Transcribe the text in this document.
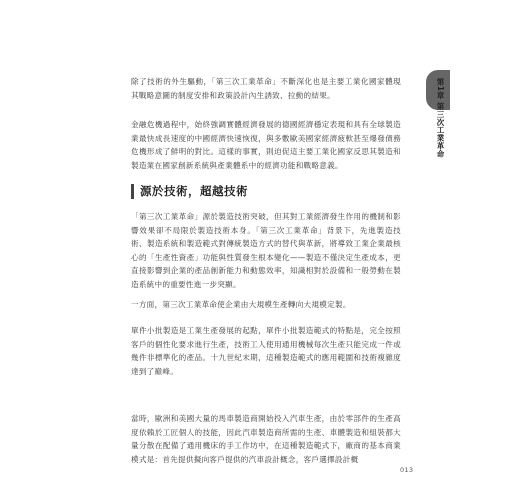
除了技術的外生驅動，「第三次工業革命」不斷深化也是主要工業化國家體現其戰略意圖的制度安排和政策設計內生誘致、拉動的結果。

金融危機過程中，始終強調實體經濟發展的德國經濟穩定表現和具有全球製造業最快成長速度的中國經濟快速恢復，與多數歐美國家經濟疲軟甚至爆發債務危機形成了鮮明的對比。這樣的事實，則迫促這主要工業化國家反思其製造和製造業在國家創新系統與產業體系中的經濟功能和戰略意義。

源於技術，超越技術

「第三次工業革命」源於製造技術突破，但其對工業經濟發生作用的機制和影響效果卻不局限於製造技術本身。「第三次工業革命」背景下，先進製造技術、製造系統和製造範式對傳統製造方式的替代與革新，將導致工業企業最核心的「生產性資產」功能與性質發生根本變化——製造不僅決定生產成本，更直接影響到企業的產品創新能力和動態效率，知識相對於設備和一般勞動在製造系統中的重要性進一步突顯。

一方面，第三次工業革命使企業由大規模生產轉向大規模定製。

單件小批製造是工業生產發展的起點，單件小批製造範式的特點是，完全按照客戶的個性化要求進行生產，技術工人使用通用機械每次生產只能完成一件或幾件非標準化的產品。十九世紀末期，這種製造範式的應用範圍和技術複雜度達到了巔峰。

當時，歐洲和美國大量的馬車製造商開始投入汽車生產，由於零部件的生產高度依賴於工匠個人的技能，因此汽車製造商所需的生產、車體製造和組裝都大量分散在配備了通用機床的手工作坊中，在這種製造範式下，廠商的基本商業模式是：首先提供擬向客戶提供的汽車設計概念，客戶選擇設計概

第1章 第三次工業革命
013
